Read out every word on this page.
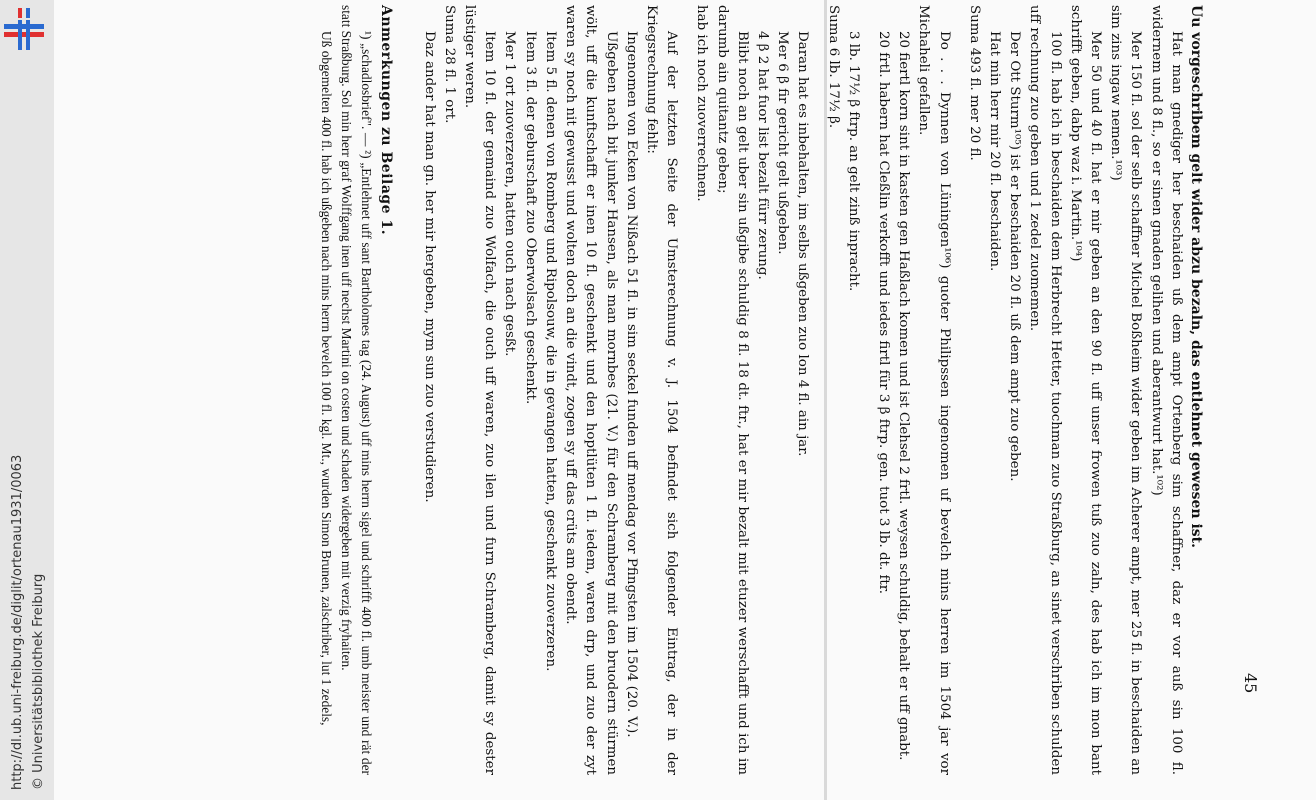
http://dl.ub.uni-freiburg.de/diglit/ortenau1931/0063 © Universitätsbibliothek Freiburg	45

Uu vorgeschribem gelt wider abzu bezaln, das entlehnet gewesen ist.

Hat man gnediger her beschaiden uß dem ampt Ortenberg sim schaffner, daz er vor auß sin 100 fl. widernem und 8 fl., so er sinen gnaden gelihen und aberantwurt hat.¹⁰²)

Mer 150 fl. sol der selb schaffner Michel Boßheim wider geben im Acherer ampt, mer 25 fl. in beschaiden an sim zins ingaw nemen.¹⁰³)

Mer 50 und 40 fl. hat er mir geben an den 90 fl. uff unser frowen tuß zuo zaln, des hab ich im mon bant schrifft geben, dabp waz i. Martin.¹⁰⁴)

100 fl. hab ich in beschaiden dem Herbrecht Hetter, tuochman zuo Straßburg, an sinet verschriben schulden uff rechnung zuo geben und 1 zedel zuomemen.

Der Ott Sturm¹⁰⁵) ist er beschaiden 20 fl. uß dem ampt zuo geben.

Hat min herr mir 20 fl. beschaiden.

Suma 493 fl. mer 20 fl.

Do . . . Dynnen von Lüningen¹⁰⁶) guoter Philipssen ingenomen uf bevelch mins herren im 1504 jar vor Michaheli gefallen.

20 fiertl korn sint in kasten gen Haßlach komen und ist Clehsel 2 frtl. weysen schuldig, behalt er uff gnabt.

20 frtl. habern hat Cleßlin verkofft und iedes firtl für 3 β ftrp. gen. tuot 3 lb. dt. ftr.

3 lb. 17½ β ftrp. an gelt zinß inpracht.

Suma 6 lb. 17½ β.

Daran hat es inbehalten, im selbs ußgeben zuo lon 4 fl. ain jar.

Mer 6 β fir gericht gelt ußgeben.

4 β 2 hat fuor list bezalt fürr zerung.

Blibt noch an gelt uber sin ußgibe schuldig 8 fl. 18 dt. ftr., hat er mir bezalt mit etuzer werschafft und ich im darumb ain quitantz geben;

hab ich noch zuoverrechnen.

Auf der letzten Seite der Umsterechnung v. J. 1504 befindet sich folgender Eintrag, der in der Kriegsrechnung fehlt:

Ingenomen von Ecken von Nißach 51 fl. in sim seckel funden uff mendag vor Pfingsten im 1504 (20. V.).

Ußgeben nach bit junker Hansen, als man mornbes (21. V.) für den Schramberg mit den bruodern stürmen wölt, uff die kunftschafft er inen 10 fl. geschenkt und den hoptlüten 1 fl. iedem, waren drp, und zuo der zyt waren sy noch nit gewusst und wolten doch an die vindt, zogen sy uff das crüts am obendt.

Item 5 fl. denen von Romberg und Ripolsouw, die in gevangen hatten, geschenkt zuoverzeren.

Item 3 fl. der geburschaft zuo Oberwolsach geschenkt.

Mer 1 ort zuoverzeren, hatten ouch nach gesßt.

Item 10 fl. der gemaind zuo Wolfach, die ouch uff waren, zuo ilen und furn Schramberg, damit sy dester lüstiger weren.

Suma 28 fl. 1 ort.

Daz ander hat man gn. her mir hergeben, mym sun zuo verstudieren.

Anmerkungen zu Beilage 1.

¹) „schadlosbrief". — ²) „Entlehnet uff sant Bartholomes tag (24. August) uff mins herrn sigel und schrifft 400 fl. umb meister und rät der statt Straßburg. Sol min herr graf Wolffgang inen uff nechst Martini on costen und schaden widergeben mit verzig fryhaiten.

Uß obgemelten 400 fl. hab ich ußgeben nach mins herrn bevelch 100 fl. kgl. Mt., wurden Simon Brunen, zalschriber, lut 1 zedels,
